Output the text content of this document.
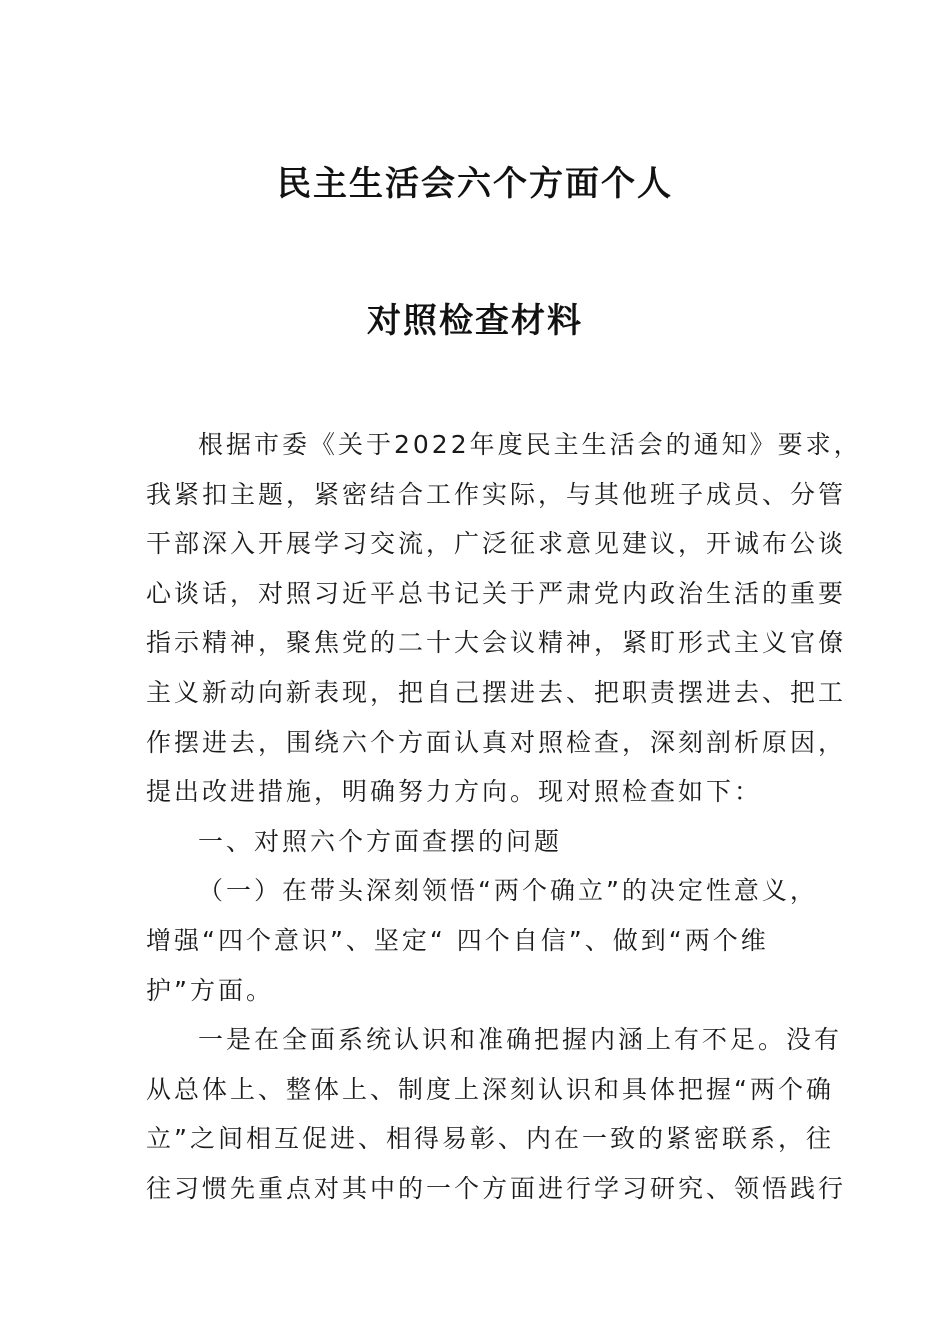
民主生活会六个方面个人
对照检查材料
根据市委《关于2022年度民主生活会的通知》要求，
我紧扣主题，紧密结合工作实际，与其他班子成员、分管
干部深入开展学习交流，广泛征求意见建议，开诚布公谈
心谈话，对照习近平总书记关于严肃党内政治生活的重要
指示精神，聚焦党的二十大会议精神，紧盯形式主义官僚
主义新动向新表现，把自己摆进去、把职责摆进去、把工
作摆进去，围绕六个方面认真对照检查，深刻剖析原因，
提出改进措施，明确努力方向。现对照检查如下：
一、对照六个方面查摆的问题
（一）在带头深刻领悟“两个确立”的决定性意义，
增强“四个意识”、坚定“ 四个自信”、做到“两个维
护”方面。
一是在全面系统认识和准确把握内涵上有不足。没有
从总体上、整体上、制度上深刻认识和具体把握“两个确
立”之间相互促进、相得易彰、内在一致的紧密联系，往
往习惯先重点对其中的一个方面进行学习研究、领悟践行
